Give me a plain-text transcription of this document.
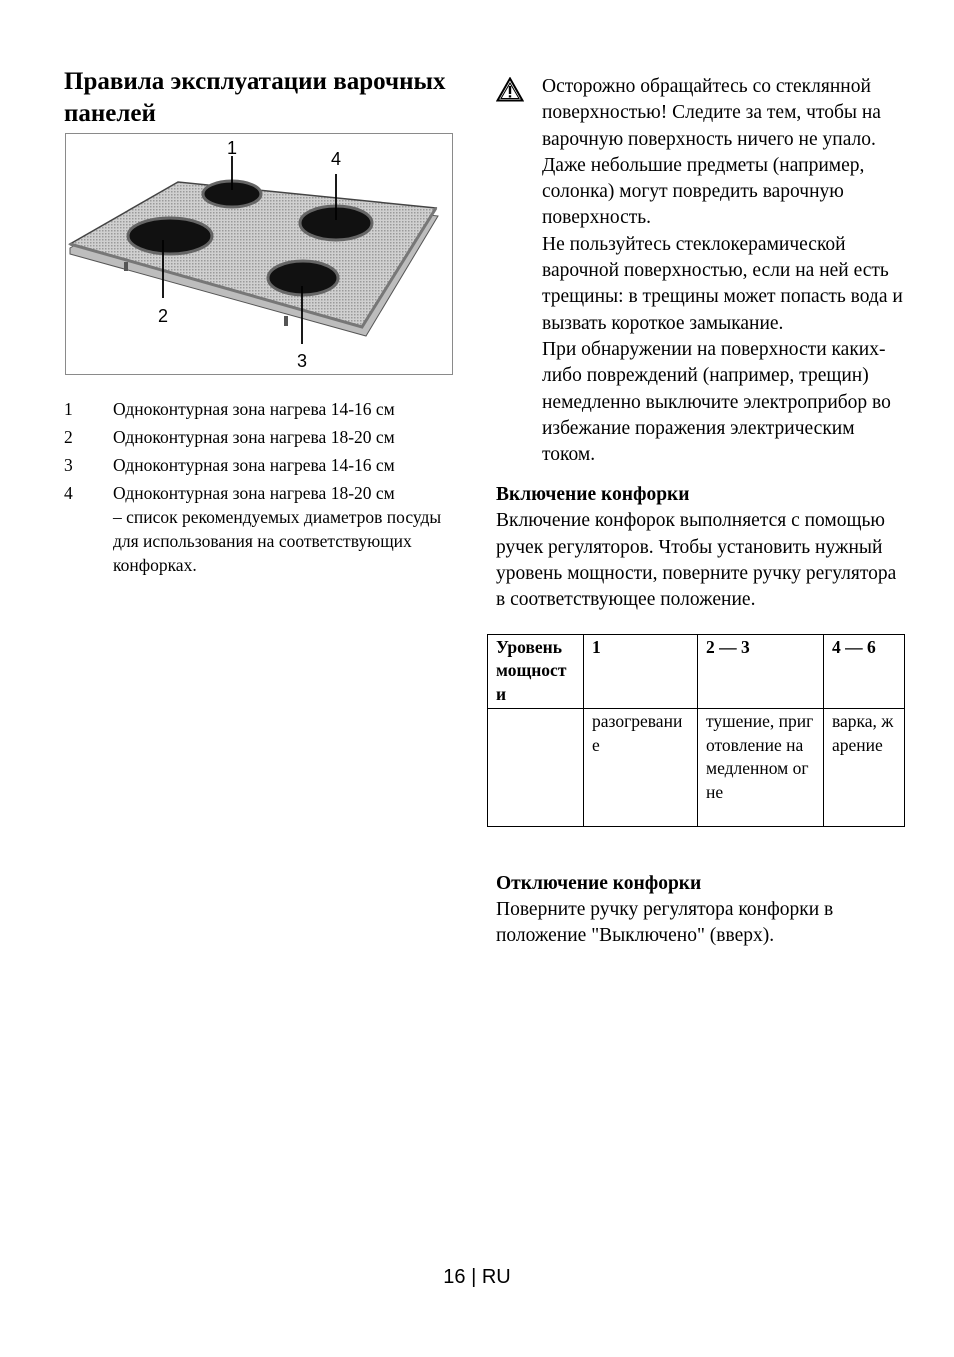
Правила эксплуатации варочных панелей
1
4
2
3
1	Одноконтурная зона нагрева 14-16 см
2	Одноконтурная зона нагрева 18-20 см
3	Одноконтурная зона нагрева 14-16 см
4	Одноконтурная зона нагрева 18-20 см
– список рекомендуемых диаметров посуды для использования на соответствующих конфорках.

Осторожно обращайтесь со стеклянной поверхностью! Следите за тем, чтобы на варочную поверхность ничего не упало. Даже небольшие предметы (например, солонка) могут повредить варочную поверхность.

Не пользуйтесь стеклокерамической варочной поверхностью, если на ней есть трещины: в трещины может попасть вода и вызвать короткое замыкание.

При обнаружении на поверхности каких-либо повреждений (например, трещин) немедленно выключите электроприбор во избежание поражения электрическим током.

Включение конфорки

Включение конфорок выполняется с помощью ручек регуляторов. Чтобы установить нужный уровень мощности, поверните ручку регулятора в соответствующее положение.

Уровень мощности	1	2 — 3	4 — 6
	разогревание	тушение, приготовление на медленном огне	варка, жарение
Отключение конфорки

Поверните ручку регулятора конфорки в положение "Выключено" (вверх).

16 | RU
